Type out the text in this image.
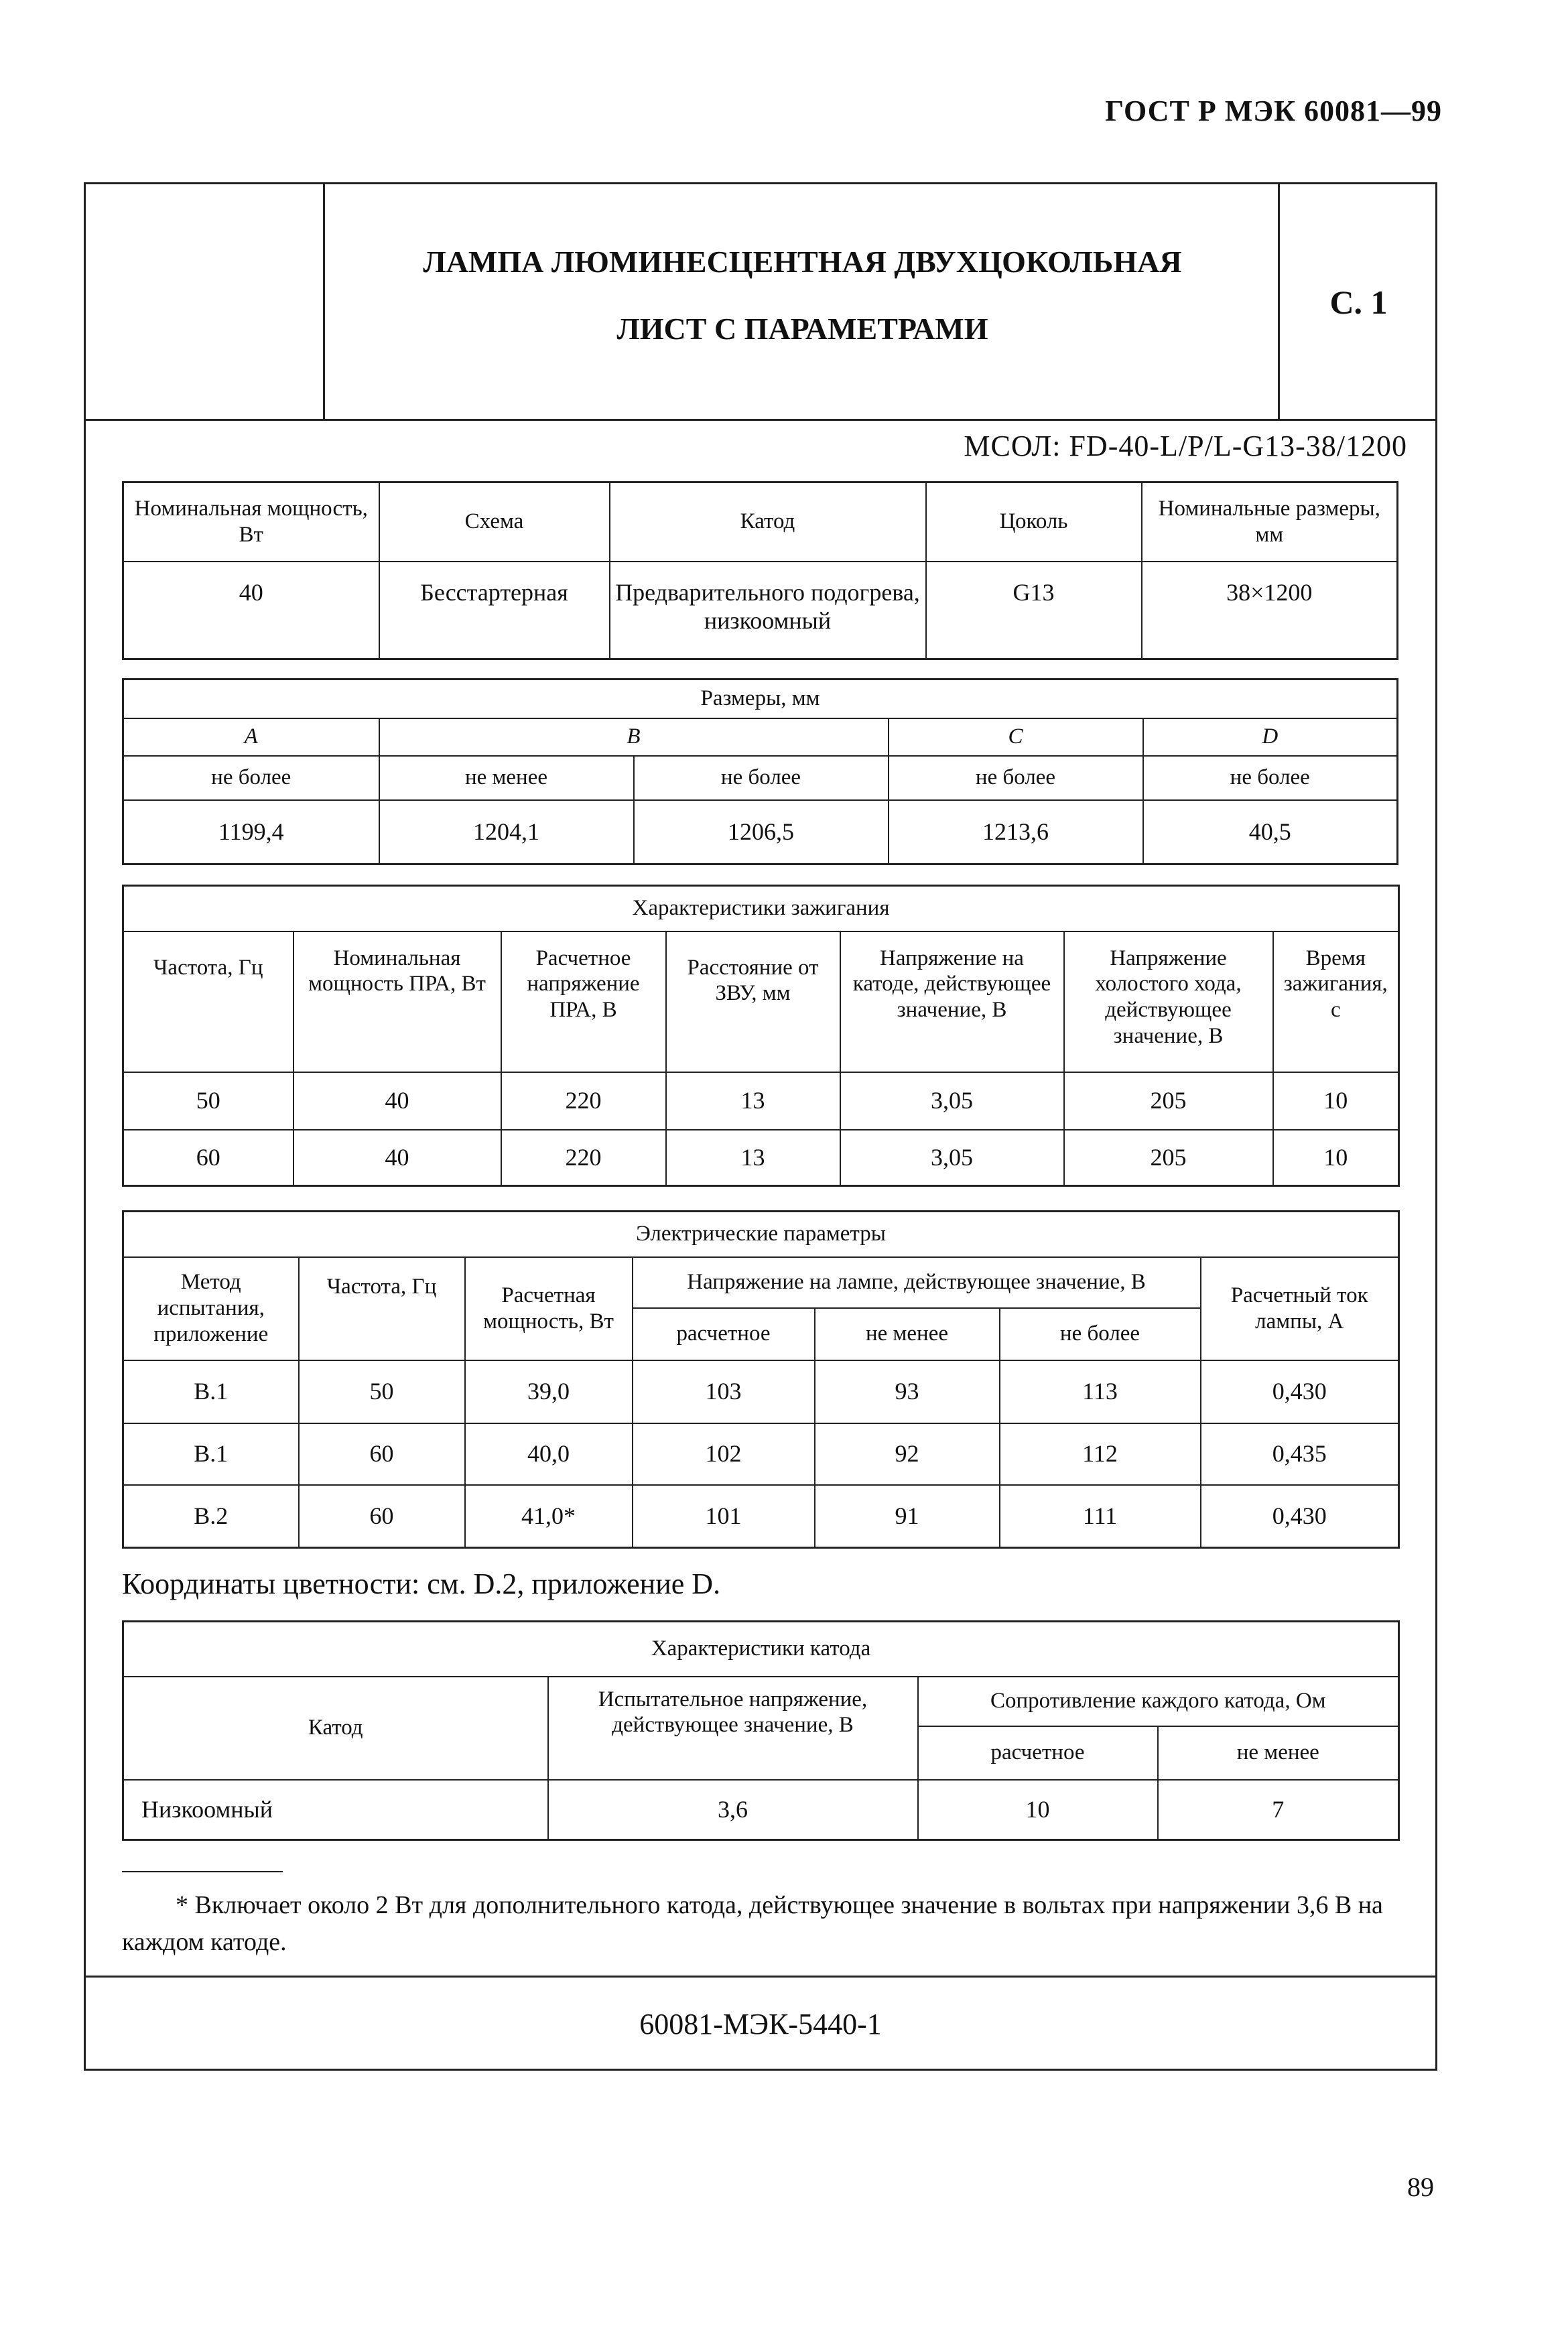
ГОСТ Р МЭК 60081—99
ЛАМПА ЛЮМИНЕСЦЕНТНАЯ ДВУХЦОКОЛЬНАЯ
ЛИСТ С ПАРАМЕТРАМИ
С. 1
МСОЛ: FD-40-L/P/L-G13-38/1200
Номинальная мощность, Вт	Схема	Катод	Цоколь	Номинальные размеры, мм
40	Бесстартерная	Предварительного подогрева, низкоомный	G13	38×1200
Размеры, мм				
A	B		C	D
не более	не менее	не более	не более	не более
1199,4	1204,1	1206,5	1213,6	40,5
Характеристики зажигания						
Частота, Гц	Номинальная мощность ПРА, Вт	Расчетное напряжение ПРА, В	Расстояние от ЗВУ, мм	Напряжение на катоде, действующее значение, В	Напряжение холостого хода, действующее значение, В	Время зажигания, с
50	40	220	13	3,05	205	10
60	40	220	13	3,05	205	10
Электрические параметры						
Метод испытания, приложение	Частота, Гц	Расчетная мощность, Вт	Напряжение на лампе, действующее значение, В			Расчетный ток лампы, А
			расчетное	не менее	не более	
B.1	50	39,0	103	93	113	0,430
B.1	60	40,0	102	92	112	0,435
B.2	60	41,0*	101	91	111	0,430
Координаты цветности: см. D.2, приложение D.
Характеристики катода			
Катод	Испытательное напряжение, действующее значение, В	Сопротивление каждого катода, Ом	
		расчетное	не менее
Низкоомный	3,6	10	7
* Включает около 2 Вт для дополнительного катода, действующее значение в вольтах при напряжении 3,6 В на каждом катоде.
60081-МЭК-5440-1
89
